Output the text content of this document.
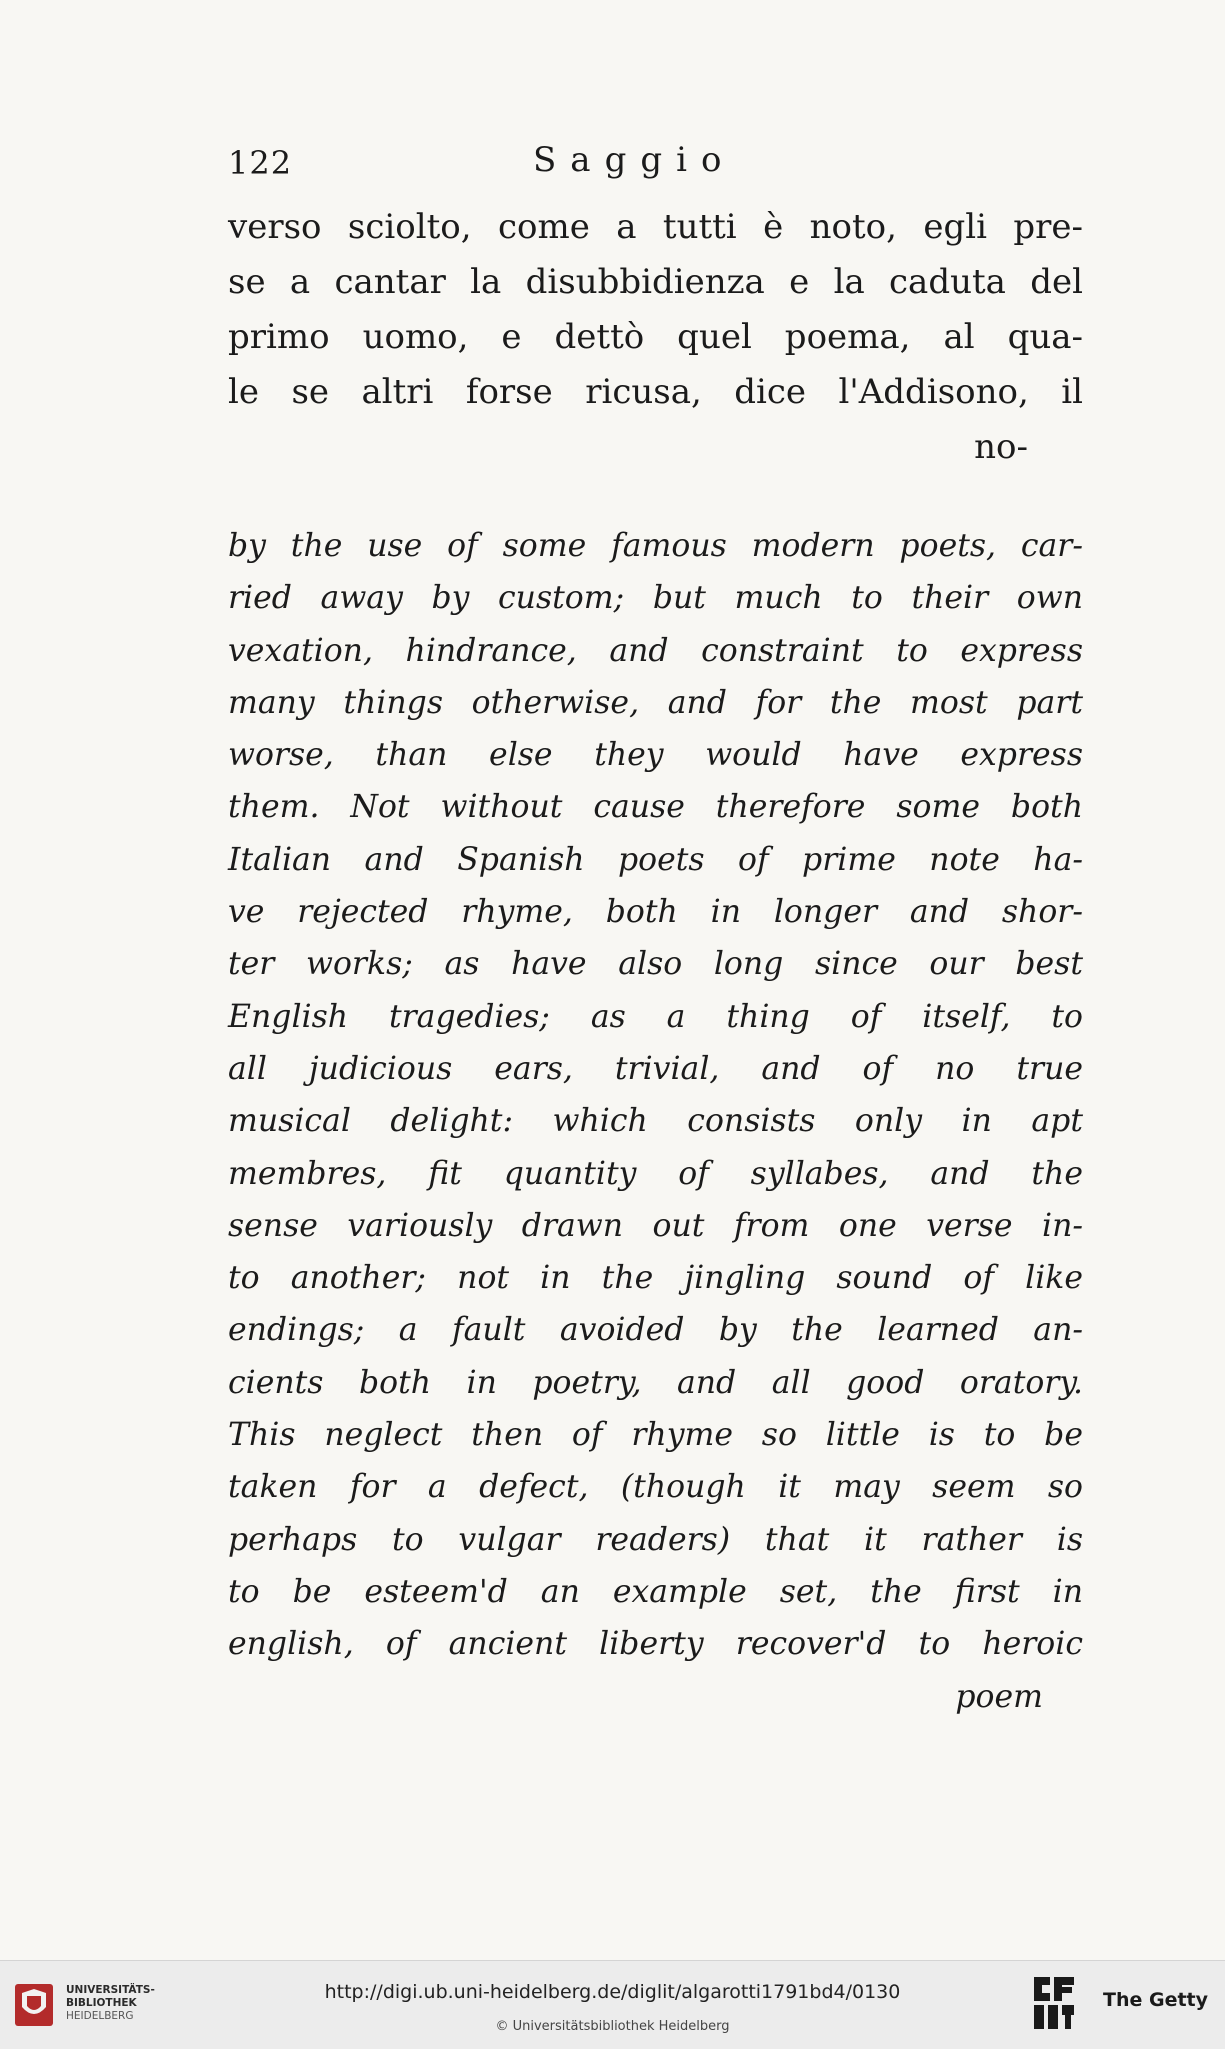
122	Saggio
verso sciolto, come a tutti è noto, egli pre-
se a cantar la disubbidienza e la caduta del
primo uomo, e dettò quel poema, al qua-
le se altri forse ricusa, dice l'Addisono, il
no-
by the use of some famous modern poets, car-
ried away by custom; but much to their own
vexation, hindrance, and constraint to express
many things otherwise, and for the most part
worse, than else they would have express
them. Not without cause therefore some both
Italian and Spanish poets of prime note ha-
ve rejected rhyme, both in longer and shor-
ter works; as have also long since our best
English tragedies; as a thing of itself, to
all judicious ears, trivial, and of no true
musical delight: which consists only in apt
membres, fit quantity of syllabes, and the
sense variously drawn out from one verse in-
to another; not in the jingling sound of like
endings; a fault avoided by the learned an-
cients both in poetry, and all good oratory.
This neglect then of rhyme so little is to be
taken for a defect, (though it may seem so
perhaps to vulgar readers) that it rather is
to be esteem'd an example set, the first in
english, of ancient liberty recover'd to heroic
poem
UNIVERSITÄTS-
BIBLIOTHEK
HEIDELBERG
http://digi.ub.uni-heidelberg.de/diglit/algarotti1791bd4/0130
© Universitätsbibliothek Heidelberg
The Getty
